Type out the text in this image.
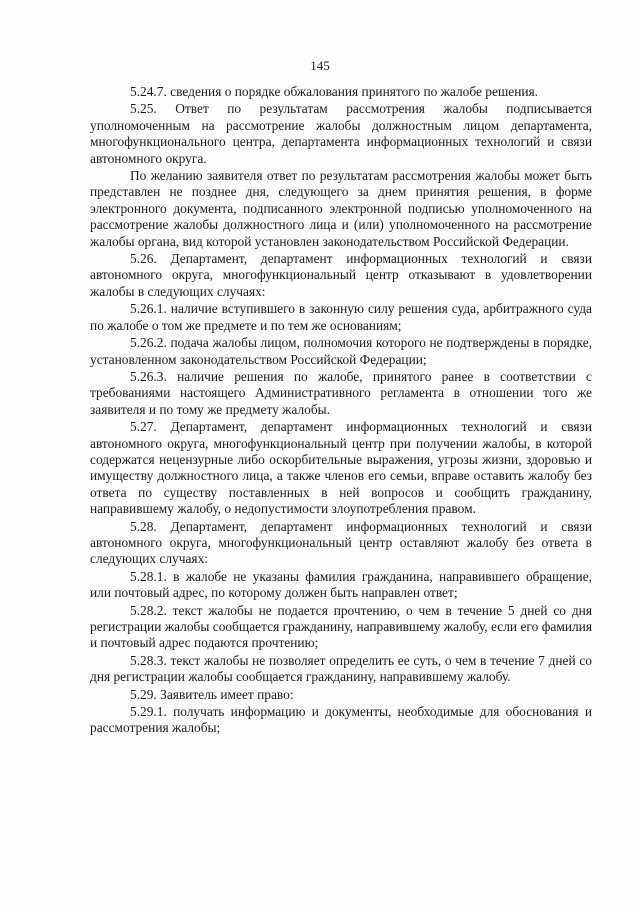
145

5.24.7. сведения о порядке обжалования принятого по жалобе решения.

5.25. Ответ по результатам рассмотрения жалобы подписывается уполномоченным на рассмотрение жалобы должностным лицом департамента, многофункционального центра, департамента информационных технологий и связи автономного округа.

По желанию заявителя ответ по результатам рассмотрения жалобы может быть представлен не позднее дня, следующего за днем принятия решения, в форме электронного документа, подписанного электронной подписью уполномоченного на рассмотрение жалобы должностного лица и (или) уполномоченного на рассмотрение жалобы органа, вид которой установлен законодательством Российской Федерации.

5.26. Департамент, департамент информационных технологий и связи автономного округа, многофункциональный центр отказывают в удовлетворении жалобы в следующих случаях:

5.26.1. наличие вступившего в законную силу решения суда, арбитражного суда по жалобе о том же предмете и по тем же основаниям;

5.26.2. подача жалобы лицом, полномочия которого не подтверждены в порядке, установленном законодательством Российской Федерации;

5.26.3. наличие решения по жалобе, принятого ранее в соответствии с требованиями настоящего Административного регламента в отношении того же заявителя и по тому же предмету жалобы.

5.27. Департамент, департамент информационных технологий и связи автономного округа, многофункциональный центр при получении жалобы, в которой содержатся нецензурные либо оскорбительные выражения, угрозы жизни, здоровью и имуществу должностного лица, а также членов его семьи, вправе оставить жалобу без ответа по существу поставленных в ней вопросов и сообщить гражданину, направившему жалобу, о недопустимости злоупотребления правом.

5.28. Департамент, департамент информационных технологий и связи автономного округа, многофункциональный центр оставляют жалобу без ответа в следующих случаях:

5.28.1. в жалобе не указаны фамилия гражданина, направившего обращение, или почтовый адрес, по которому должен быть направлен ответ;

5.28.2. текст жалобы не подается прочтению, о чем в течение 5 дней со дня регистрации жалобы сообщается гражданину, направившему жалобу, если его фамилия и почтовый адрес подаются прочтению;

5.28.3. текст жалобы не позволяет определить ее суть, о чем в течение 7 дней со дня регистрации жалобы сообщается гражданину, направившему жалобу.

5.29. Заявитель имеет право:

5.29.1. получать информацию и документы, необходимые для обоснования и рассмотрения жалобы;
